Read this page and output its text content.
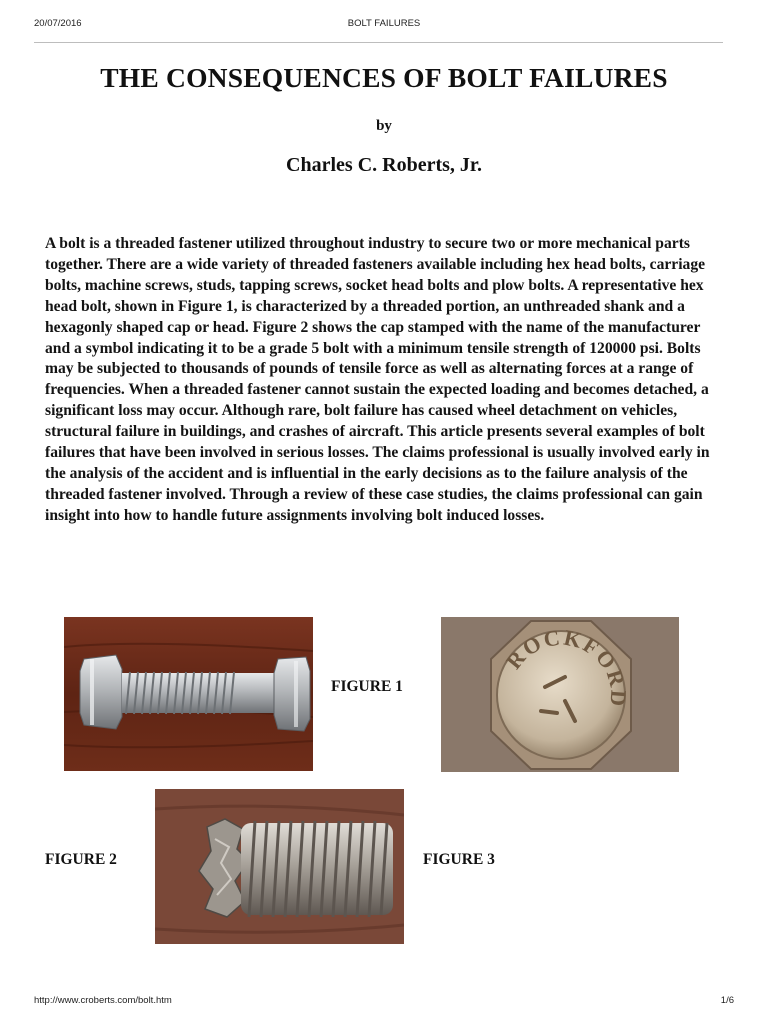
20/07/2016	BOLT FAILURES
THE CONSEQUENCES OF BOLT FAILURES
by
Charles C. Roberts, Jr.

A bolt is a threaded fastener utilized throughout industry to secure two or more mechanical parts together. There are a wide variety of threaded fasteners available including hex head bolts, carriage bolts, machine screws, studs, tapping screws, socket head bolts and plow bolts. A representative hex head bolt, shown in Figure 1, is characterized by a threaded portion, an unthreaded shank and a hexagonly shaped cap or head. Figure 2 shows the cap stamped with the name of the manufacturer and a symbol indicating it to be a grade 5 bolt with a minimum tensile strength of 120000 psi. Bolts may be subjected to thousands of pounds of tensile force as well as alternating forces at a range of frequencies. When a threaded fastener cannot sustain the expected loading and becomes detached, a significant loss may occur. Although rare, bolt failure has caused wheel detachment on vehicles, structural failure in buildings, and crashes of aircraft. This article presents several examples of bolt failures that have been involved in serious losses. The claims professional is usually involved early in the analysis of the accident and is influential in the early decisions as to the failure analysis of the threaded fastener involved. Through a review of these case studies, the claims professional can gain insight into how to handle future assignments involving bolt induced losses.

ROCKFORD
FIGURE 1
FIGURE 2	FIGURE 3
http://www.croberts.com/bolt.htm	1/6
